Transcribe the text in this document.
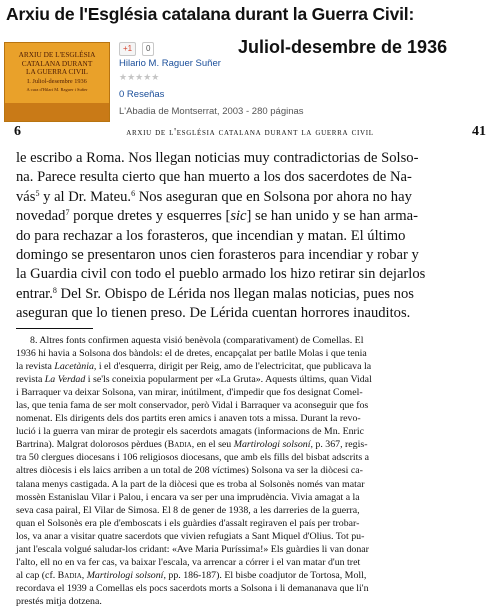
Arxiu de l'Església catalana durant la Guerra Civil:
Juliol-desembre de 1936
ARXIU DE L'ESGLÉSIA
CATALANA DURANT
LA GUERRA CIVIL
I. Juliol-desembre 1936
A cura d'Hilari M. Raguer i Suñer
+1	0
Hilario M. Raguer Suñer
★★★★★
0 Reseñas
L'Abadia de Montserrat, 2003 - 280 páginas
6	arxiu de l'església catalana durant la guerra civil	41
le escribo a Roma. Nos llegan noticias muy contradictorias de Solso-
na. Parece resulta cierto que han muerto a los dos sacerdotes de Na-
vás$^5$ y al Dr. Mateu.$^6$ Nos aseguran que en Solsona por ahora no hay
novedad$^7$ porque dretes y esquerres [sic] se han unido y se han arma-
do para rechazar a los forasteros, que incendian y matan. El último
domingo se presentaron unos cien forasteros para incendiar y robar y
la Guardia civil con todo el pueblo armado los hizo retirar sin dejarlos
entrar.$^8$ Del Sr. Obispo de Lérida nos llegan malas noticias, pues nos
aseguran que lo tienen preso. De Lérida cuentan horrores inauditos.
8. Altres fonts confirmen aquesta visió benèvola (comparativament) de Comellas. El
1936 hi havia a Solsona dos bàndols: el de dretes, encapçalat per batlle Molas i que tenia
la revista Lacetània, i el d'esquerra, dirigit per Reig, amo de l'electricitat, que publicava la
revista La Verdad i se'ls coneixia popularment per «La Gruta». Aquests últims, quan Vidal
i Barraquer va deixar Solsona, van mirar, inútilment, d'impedir que fos designat Comel-
las, que tenia fama de ser molt conservador, però Vidal i Barraquer va aconseguir que fos
nomenat. Els dirigents dels dos partits eren amics i anaven tots a missa. Durant la revo-
lució i la guerra van mirar de protegir els sacerdots amagats (informacions de Mn. Enric
Bartrina). Malgrat dolorosos pèrdues (Badia, en el seu Martirologi solsoní, p. 367, regis-
tra 50 clergues diocesans i 106 religiosos diocesans, que amb els fills del bisbat adscrits a
altres diòcesis i els laics arriben a un total de 208 víctimes) Solsona va ser la diòcesi ca-
talana menys castigada. A la part de la diòcesi que es troba al Solsonès només van matar
mossèn Estanislau Vilar i Palou, i encara va ser per una imprudència. Vivia amagat a la
seva casa pairal, El Vilar de Simosa. El 8 de gener de 1938, a les darreries de la guerra,
quan el Solsonès era ple d'emboscats i els guàrdies d'assalt regiraven el país per trobar-
los, va anar a visitar quatre sacerdots que vivien refugiats a Sant Miquel d'Olius. Tot pu-
jant l'escala volgué saludar-los cridant: «Ave Maria Puríssima!» Els guàrdies li van donar
l'alto, ell no en va fer cas, va baixar l'escala, va arrencar a córrer i el van matar d'un tret
al cap (cf. Badia, Martirologi solsoní, pp. 186-187). El bisbe coadjutor de Tortosa, Moll,
recordava el 1939 a Comellas els pocs sacerdots morts a Solsona i li demananava que li'n
prestés mitja dotzena.
